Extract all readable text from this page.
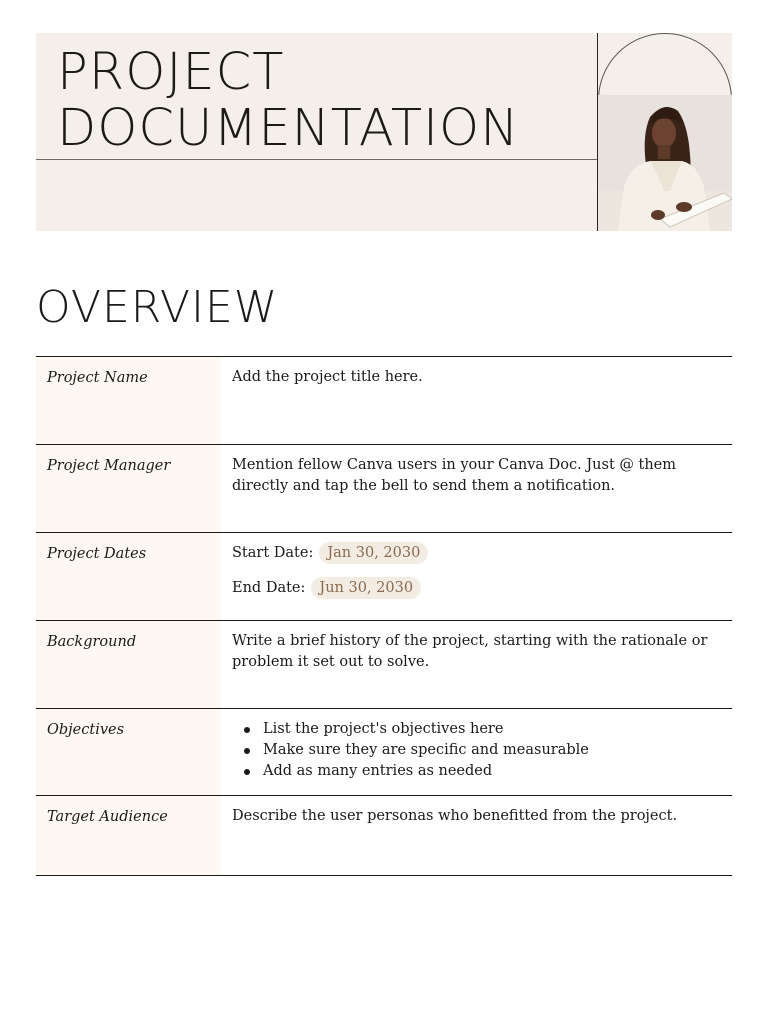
PROJECT
DOCUMENTATION
OVERVIEW
Project Name	Add the project title here.
Project Manager	Mention fellow Canva users in your Canva Doc. Just @ them directly and tap the bell to send them a notification.
Project Dates	Start Date: Jan 30, 2030
End Date: Jun 30, 2030
Background	Write a brief history of the project, starting with the rationale or problem it set out to solve.
Objectives	List the project's objectives here
Make sure they are specific and measurable
Add as many entries as needed
Target Audience	Describe the user personas who benefitted from the project.
